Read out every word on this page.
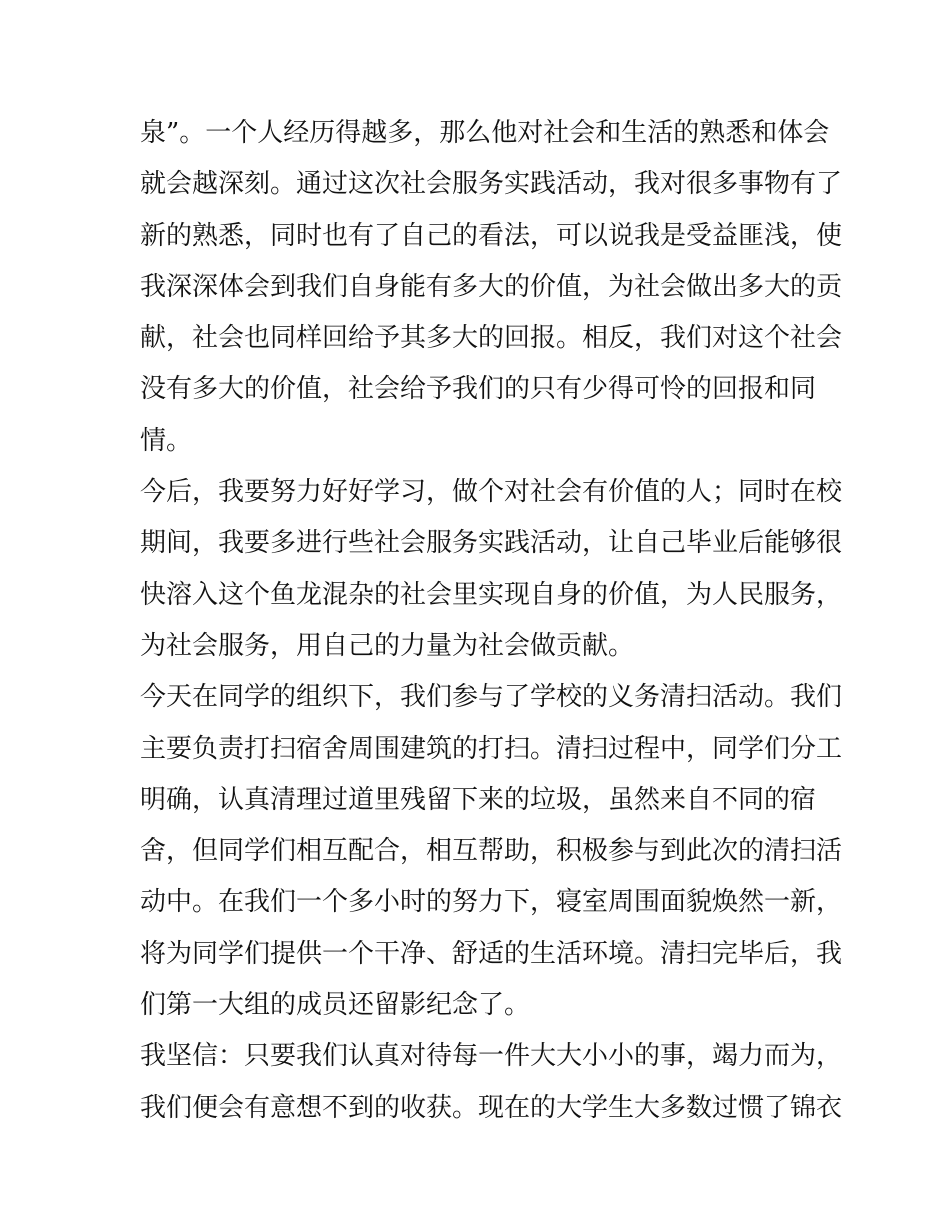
泉”。一个人经历得越多，那么他对社会和生活的熟悉和体会
就会越深刻。通过这次社会服务实践活动，我对很多事物有了
新的熟悉，同时也有了自己的看法，可以说我是受益匪浅，使
我深深体会到我们自身能有多大的价值，为社会做出多大的贡
献，社会也同样回给予其多大的回报。相反，我们对这个社会
没有多大的价值，社会给予我们的只有少得可怜的回报和同
情。
今后，我要努力好好学习，做个对社会有价值的人；同时在校
期间，我要多进行些社会服务实践活动，让自己毕业后能够很
快溶入这个鱼龙混杂的社会里实现自身的价值，为人民服务，
为社会服务，用自己的力量为社会做贡献。
今天在同学的组织下，我们参与了学校的义务清扫活动。我们
主要负责打扫宿舍周围建筑的打扫。清扫过程中，同学们分工
明确，认真清理过道里残留下来的垃圾，虽然来自不同的宿
舍，但同学们相互配合，相互帮助，积极参与到此次的清扫活
动中。在我们一个多小时的努力下，寝室周围面貌焕然一新，
将为同学们提供一个干净、舒适的生活环境。清扫完毕后，我
们第一大组的成员还留影纪念了。
我坚信：只要我们认真对待每一件大大小小的事，竭力而为，
我们便会有意想不到的收获。现在的大学生大多数过惯了锦衣
